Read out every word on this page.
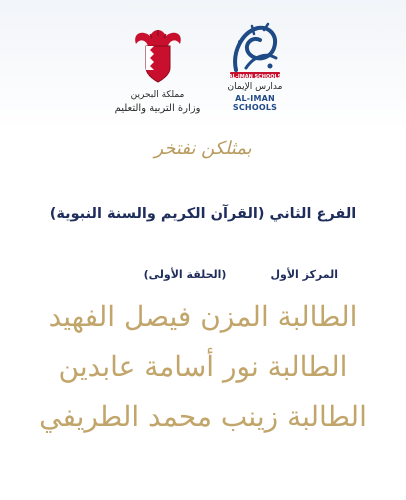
AL-IMAN SCHOOLS
مدارس الإيمان
AL-IMAN SCHOOLS
مملكة البحرين
وزارة التربية والتعليم
بمثلكن نفتخر
الفرع الثاني (القرآن الكريم والسنة النبوية)
المركز الأول(الحلقة الأولى)
الطالبة المزن فيصل الفهيد
الطالبة نور أسامة عابدين
الطالبة زينب محمد الطريفي
